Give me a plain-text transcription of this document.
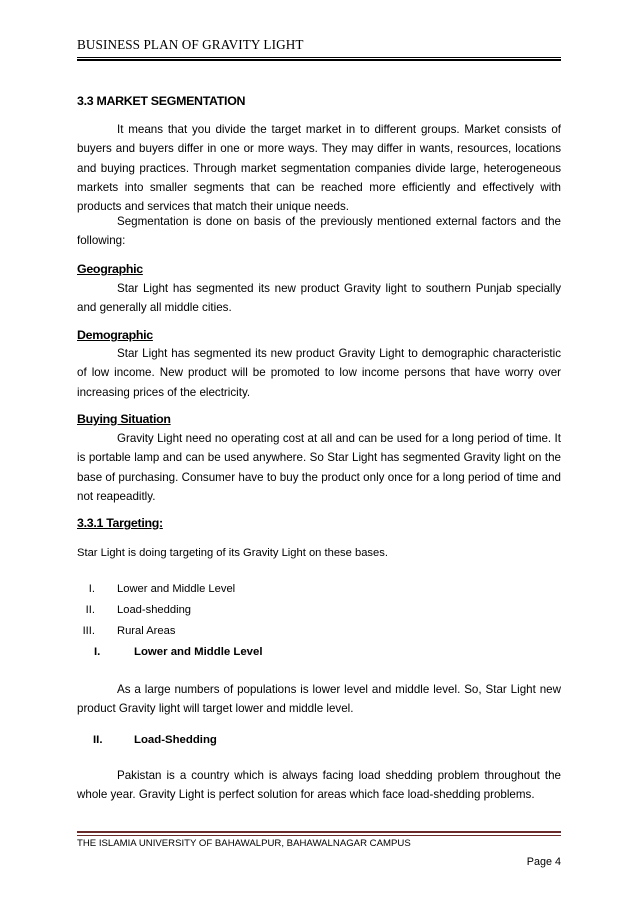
BUSINESS PLAN OF GRAVITY LIGHT
3.3 MARKET SEGMENTATION

It means that you divide the target market in to different groups. Market consists of buyers and buyers differ in one or more ways. They may differ in wants, resources, locations and buying practices. Through market segmentation companies divide large, heterogeneous markets into smaller segments that can be reached more efficiently and effectively with products and services that match their unique needs.

Segmentation is done on basis of the previously mentioned external factors and the following:

Geographic

Star Light has segmented its new product Gravity light to southern Punjab specially and generally all middle cities.

Demographic

Star Light has segmented its new product Gravity Light to demographic characteristic of low income. New product will be promoted to low income persons that have worry over increasing prices of the electricity.

Buying Situation

Gravity Light need no operating cost at all and can be used for a long period of time. It is portable lamp and can be used anywhere. So Star Light has segmented Gravity light on the base of purchasing. Consumer have to buy the product only once for a long period of time and not reapeaditly.

3.3.1 Targeting:
Star Light is doing targeting of its Gravity Light on these bases.
I. Lower and Middle Level
II. Load-shedding
III. Rural Areas
I.	Lower and Middle Level

As a large numbers of populations is lower level and middle level. So, Star Light new product Gravity light will target lower and middle level.

II.	Load-Shedding

Pakistan is a country which is always facing load shedding problem throughout the whole year. Gravity Light is perfect solution for areas which face load-shedding problems.

THE ISLAMIA UNIVERSITY OF BAHAWALPUR, BAHAWALNAGAR CAMPUS
Page 4
